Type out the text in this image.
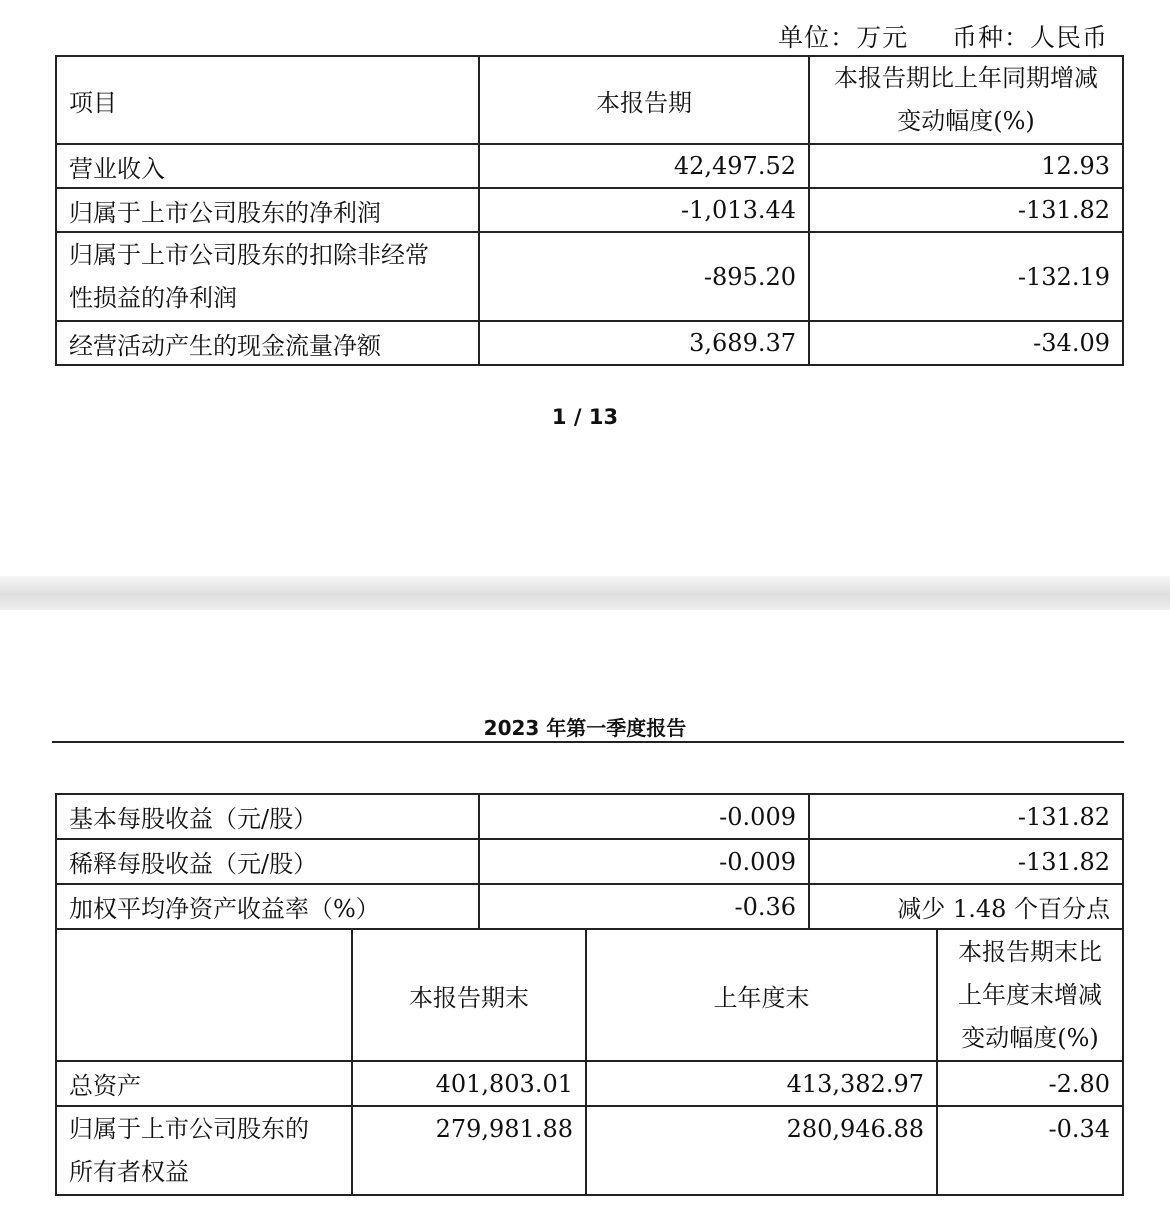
单位：万元 币种：人民币
项目	本报告期	本报告期比上年同期增减
变动幅度(%)
营业收入	42,497.52	12.93
归属于上市公司股东的净利润	-1,013.44	-131.82
归属于上市公司股东的扣除非经常
性损益的净利润	-895.20	-132.19
经营活动产生的现金流量净额	3,689.37	-34.09
1 / 13
2023 年第一季度报告
基本每股收益（元/股）	-0.009	-131.82
稀释每股收益（元/股）	-0.009	-131.82
加权平均净资产收益率（%）	-0.36	减少 1.48 个百分点
	本报告期末	上年度末	本报告期末比
上年度末增减
变动幅度(%)
总资产	401,803.01	413,382.97	-2.80
归属于上市公司股东的
所有者权益	279,981.88	280,946.88	-0.34
